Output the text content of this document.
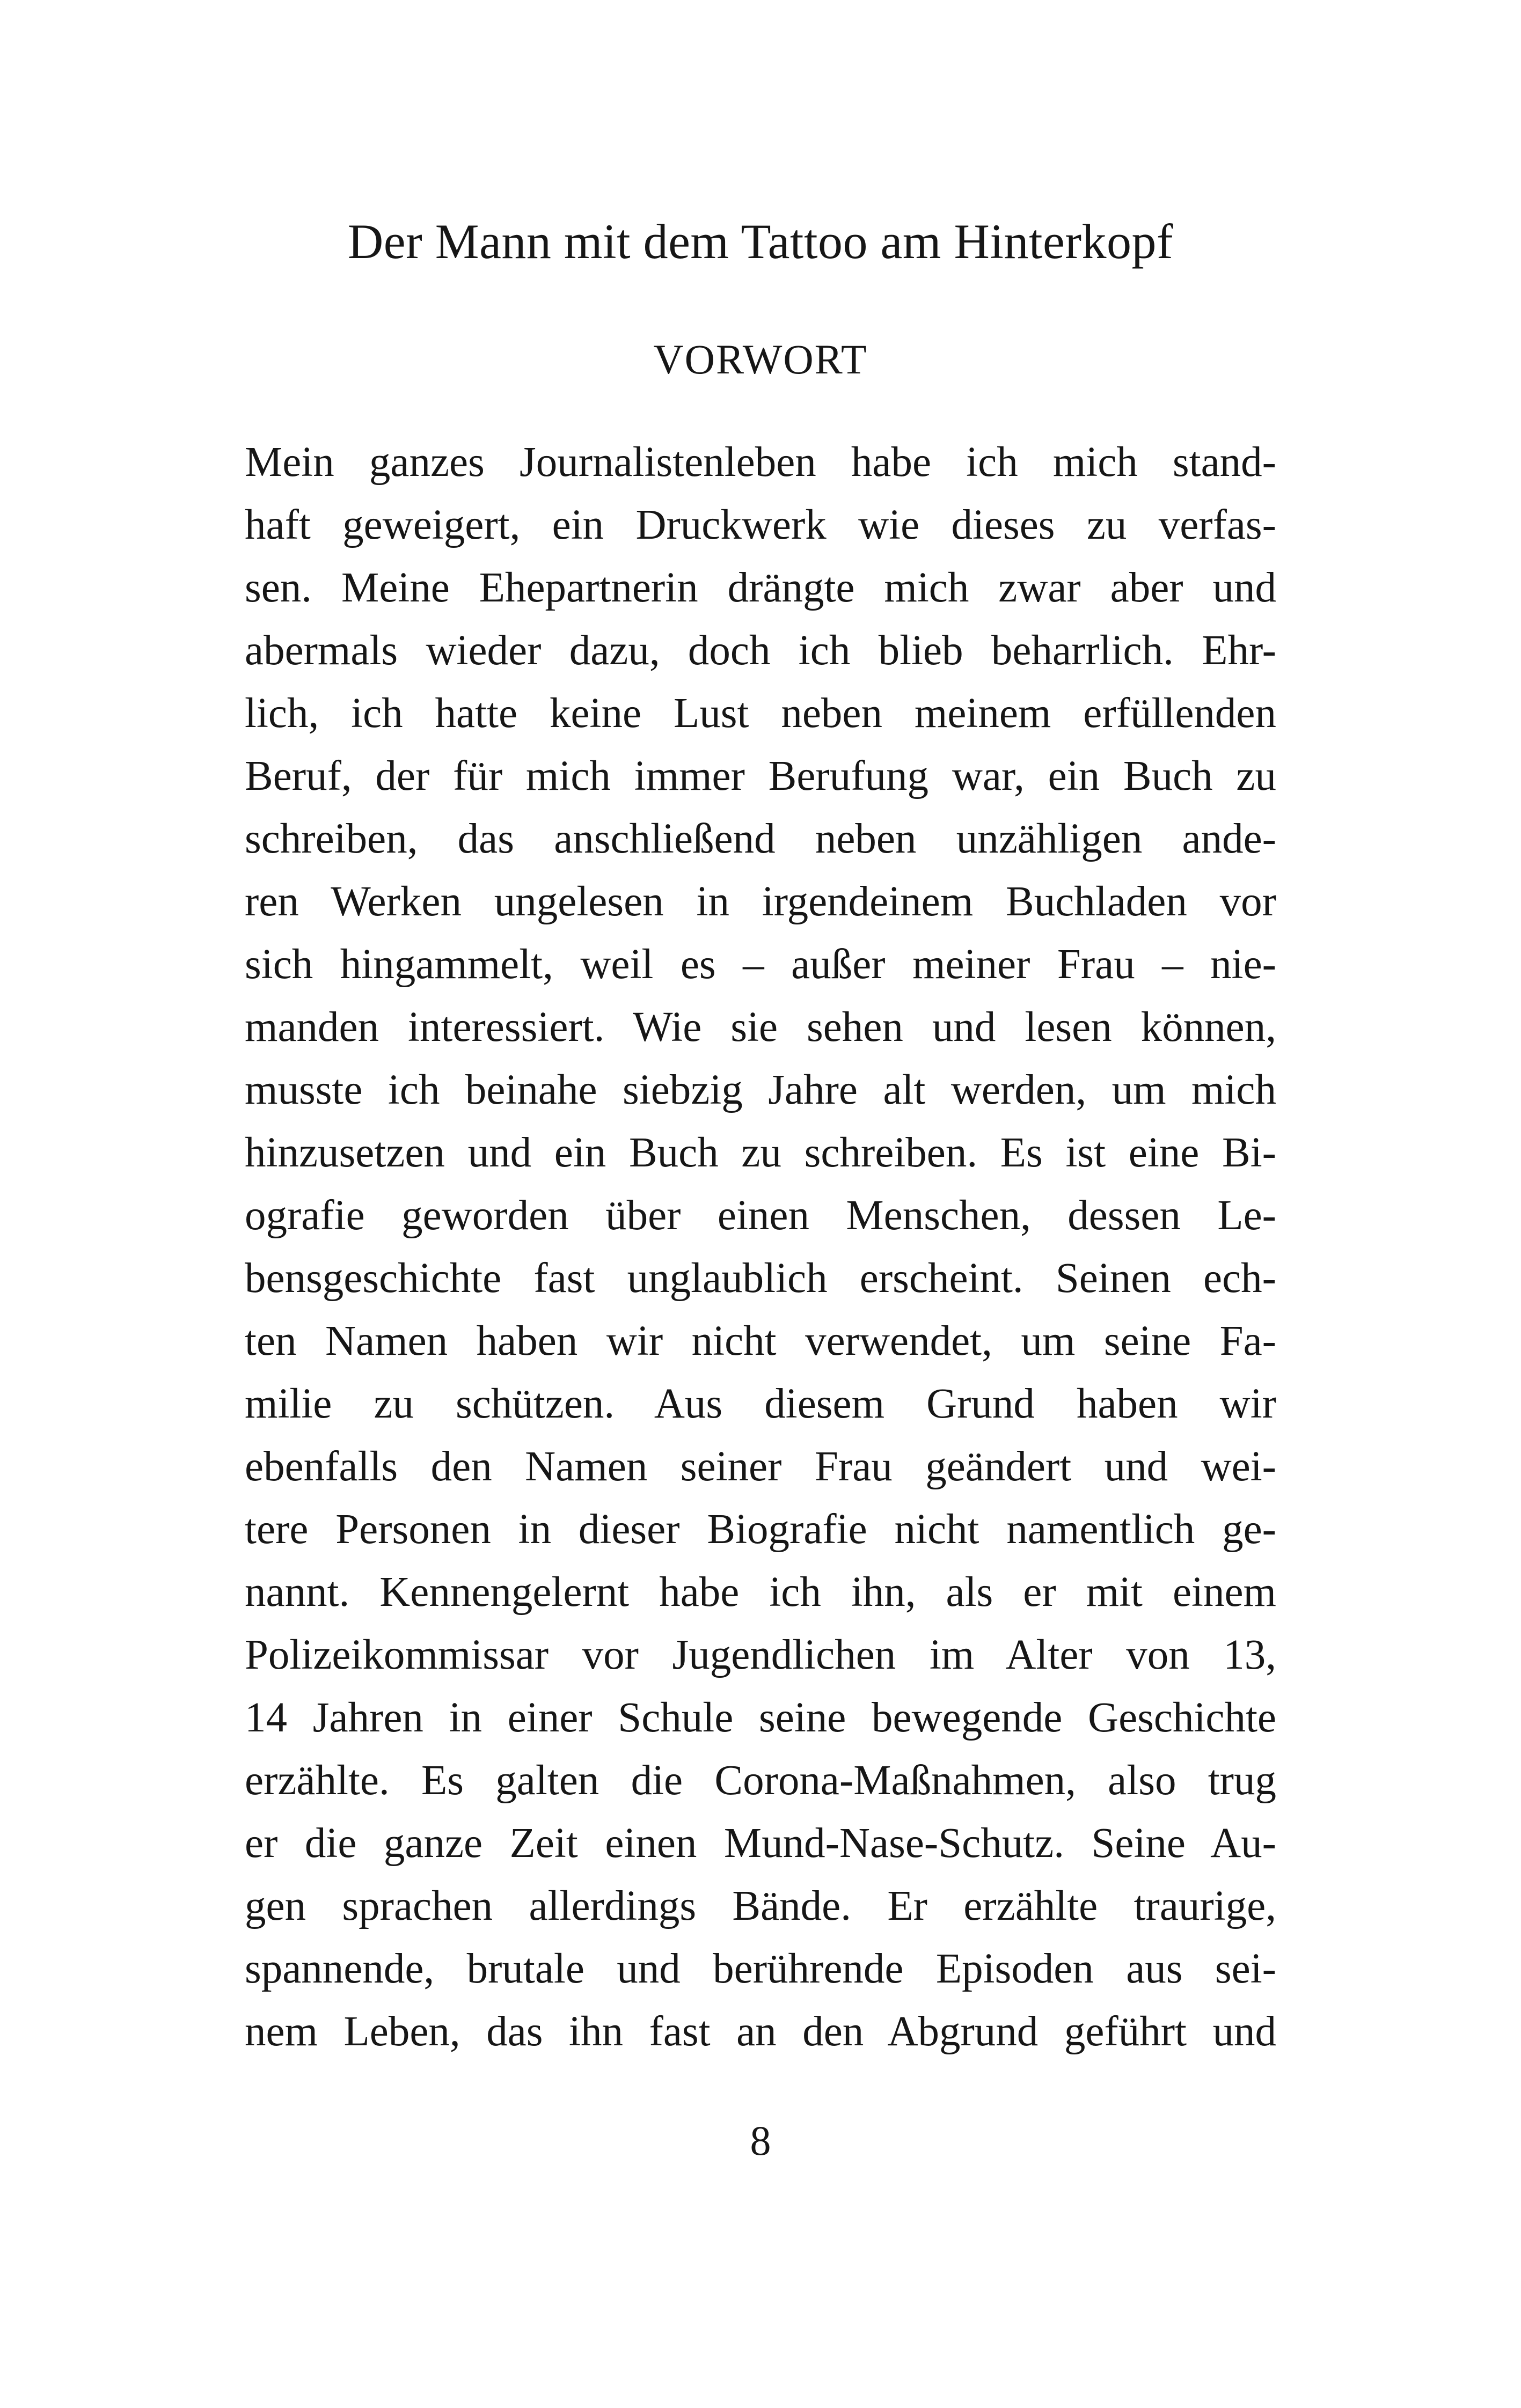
Der Mann mit dem Tattoo am Hinterkopf
VORWORT
Mein ganzes Journalistenleben habe ich mich stand-
haft geweigert, ein Druckwerk wie dieses zu verfas-
sen. Meine Ehepartnerin drängte mich zwar aber und
abermals wieder dazu, doch ich blieb beharrlich. Ehr-
lich, ich hatte keine Lust neben meinem erfüllenden
Beruf, der für mich immer Berufung war, ein Buch zu
schreiben, das anschließend neben unzähligen ande-
ren Werken ungelesen in irgendeinem Buchladen vor
sich hingammelt, weil es – außer meiner Frau – nie-
manden interessiert. Wie sie sehen und lesen können,
musste ich beinahe siebzig Jahre alt werden, um mich
hinzusetzen und ein Buch zu schreiben. Es ist eine Bi-
ografie geworden über einen Menschen, dessen Le-
bensgeschichte fast unglaublich erscheint. Seinen ech-
ten Namen haben wir nicht verwendet, um seine Fa-
milie zu schützen. Aus diesem Grund haben wir
ebenfalls den Namen seiner Frau geändert und wei-
tere Personen in dieser Biografie nicht namentlich ge-
nannt. Kennengelernt habe ich ihn, als er mit einem
Polizeikommissar vor Jugendlichen im Alter von 13,
14 Jahren in einer Schule seine bewegende Geschichte
erzählte. Es galten die Corona-Maßnahmen, also trug
er die ganze Zeit einen Mund-Nase-Schutz. Seine Au-
gen sprachen allerdings Bände. Er erzählte traurige,
spannende, brutale und berührende Episoden aus sei-
nem Leben, das ihn fast an den Abgrund geführt und
8
